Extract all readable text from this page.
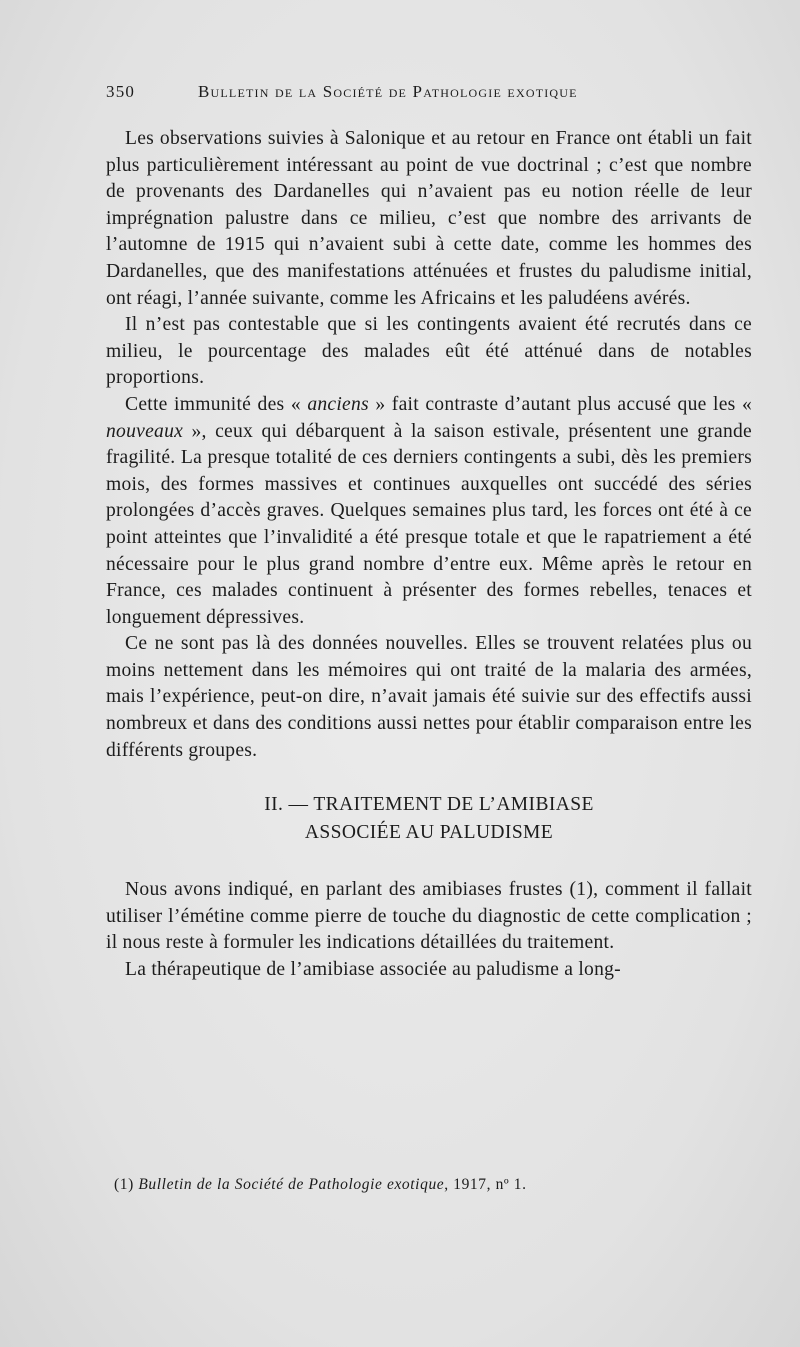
350	Bulletin de la Société de Pathologie exotique

Les observations suivies à Salonique et au retour en France ont établi un fait plus particulièrement intéressant au point de vue doctrinal ; c’est que nombre de provenants des Dardanelles qui n’avaient pas eu notion réelle de leur imprégnation palustre dans ce milieu, c’est que nombre des arrivants de l’automne de 1915 qui n’avaient subi à cette date, comme les hommes des Dardanelles, que des manifestations atténuées et frustes du paludisme initial, ont réagi, l’année suivante, comme les Africains et les paludéens avérés.

Il n’est pas contestable que si les contingents avaient été recrutés dans ce milieu, le pourcentage des malades eût été atténué dans de notables proportions.

Cette immunité des « anciens » fait contraste d’autant plus accusé que les « nouveaux », ceux qui débarquent à la saison estivale, présentent une grande fragilité. La presque totalité de ces derniers contingents a subi, dès les premiers mois, des formes massives et continues auxquelles ont succédé des séries prolongées d’accès graves. Quelques semaines plus tard, les forces ont été à ce point atteintes que l’invalidité a été presque totale et que le rapatriement a été nécessaire pour le plus grand nombre d’entre eux. Même après le retour en France, ces malades continuent à présenter des formes rebelles, tenaces et longuement dépressives.

Ce ne sont pas là des données nouvelles. Elles se trouvent relatées plus ou moins nettement dans les mémoires qui ont traité de la malaria des armées, mais l’expérience, peut-on dire, n’avait jamais été suivie sur des effectifs aussi nombreux et dans des conditions aussi nettes pour établir comparaison entre les différents groupes.

II. — TRAITEMENT DE L’AMIBIASE
ASSOCIÉE AU PALUDISME

Nous avons indiqué, en parlant des amibiases frustes (1), comment il fallait utiliser l’émétine comme pierre de touche du diagnostic de cette complication ; il nous reste à formuler les indications détaillées du traitement.

La thérapeutique de l’amibiase associée au paludisme a long-

(1) Bulletin de la Société de Pathologie exotique, 1917, nº 1.
